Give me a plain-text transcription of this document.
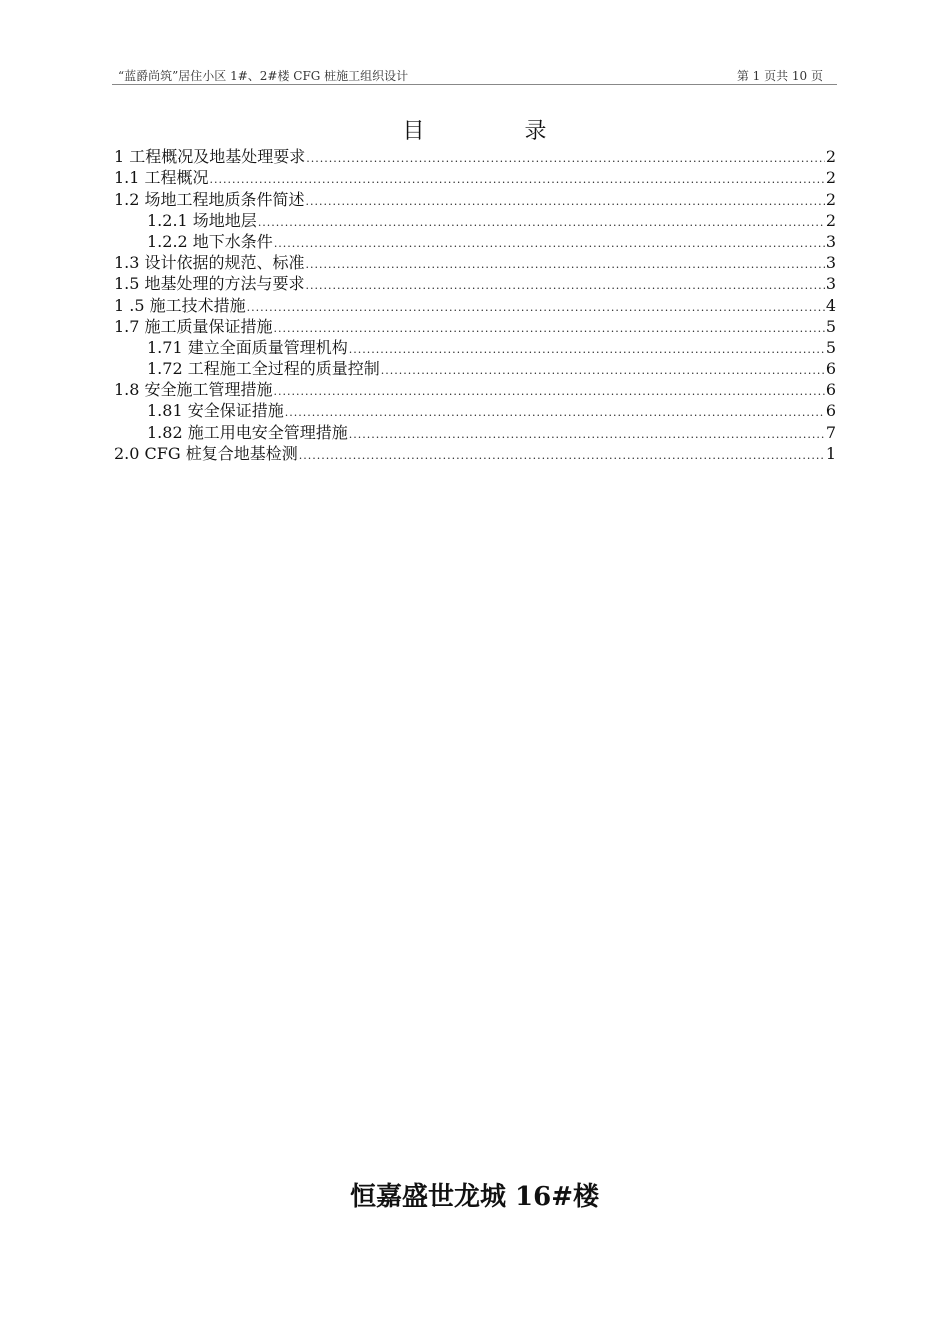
“蓝爵尚筑”居住小区 1#、2#楼 CFG 桩施工组织设计	第 1 页共 10 页
目	录
1 工程概况及地基处理要求 .....	2
1.1 工程概况 .....	2
1.2 场地工程地质条件简述 .....	2
1.2.1 场地地层 .....	2
1.2.2 地下水条件 .....	3
1.3 设计依据的规范、标准 .....	3
1.5 地基处理的方法与要求 .....	3
1 .5 施工技术措施 .....	4
1.7 施工质量保证措施 .....	5
1.71 建立全面质量管理机构 .....	5
1.72 工程施工全过程的质量控制 .....	6
1.8 安全施工管理措施 .....	6
1.81 安全保证措施 .....	6
1.82 施工用电安全管理措施 .....	7
2.0 CFG 桩复合地基检测 .....	1
恒嘉盛世龙城 16#楼
